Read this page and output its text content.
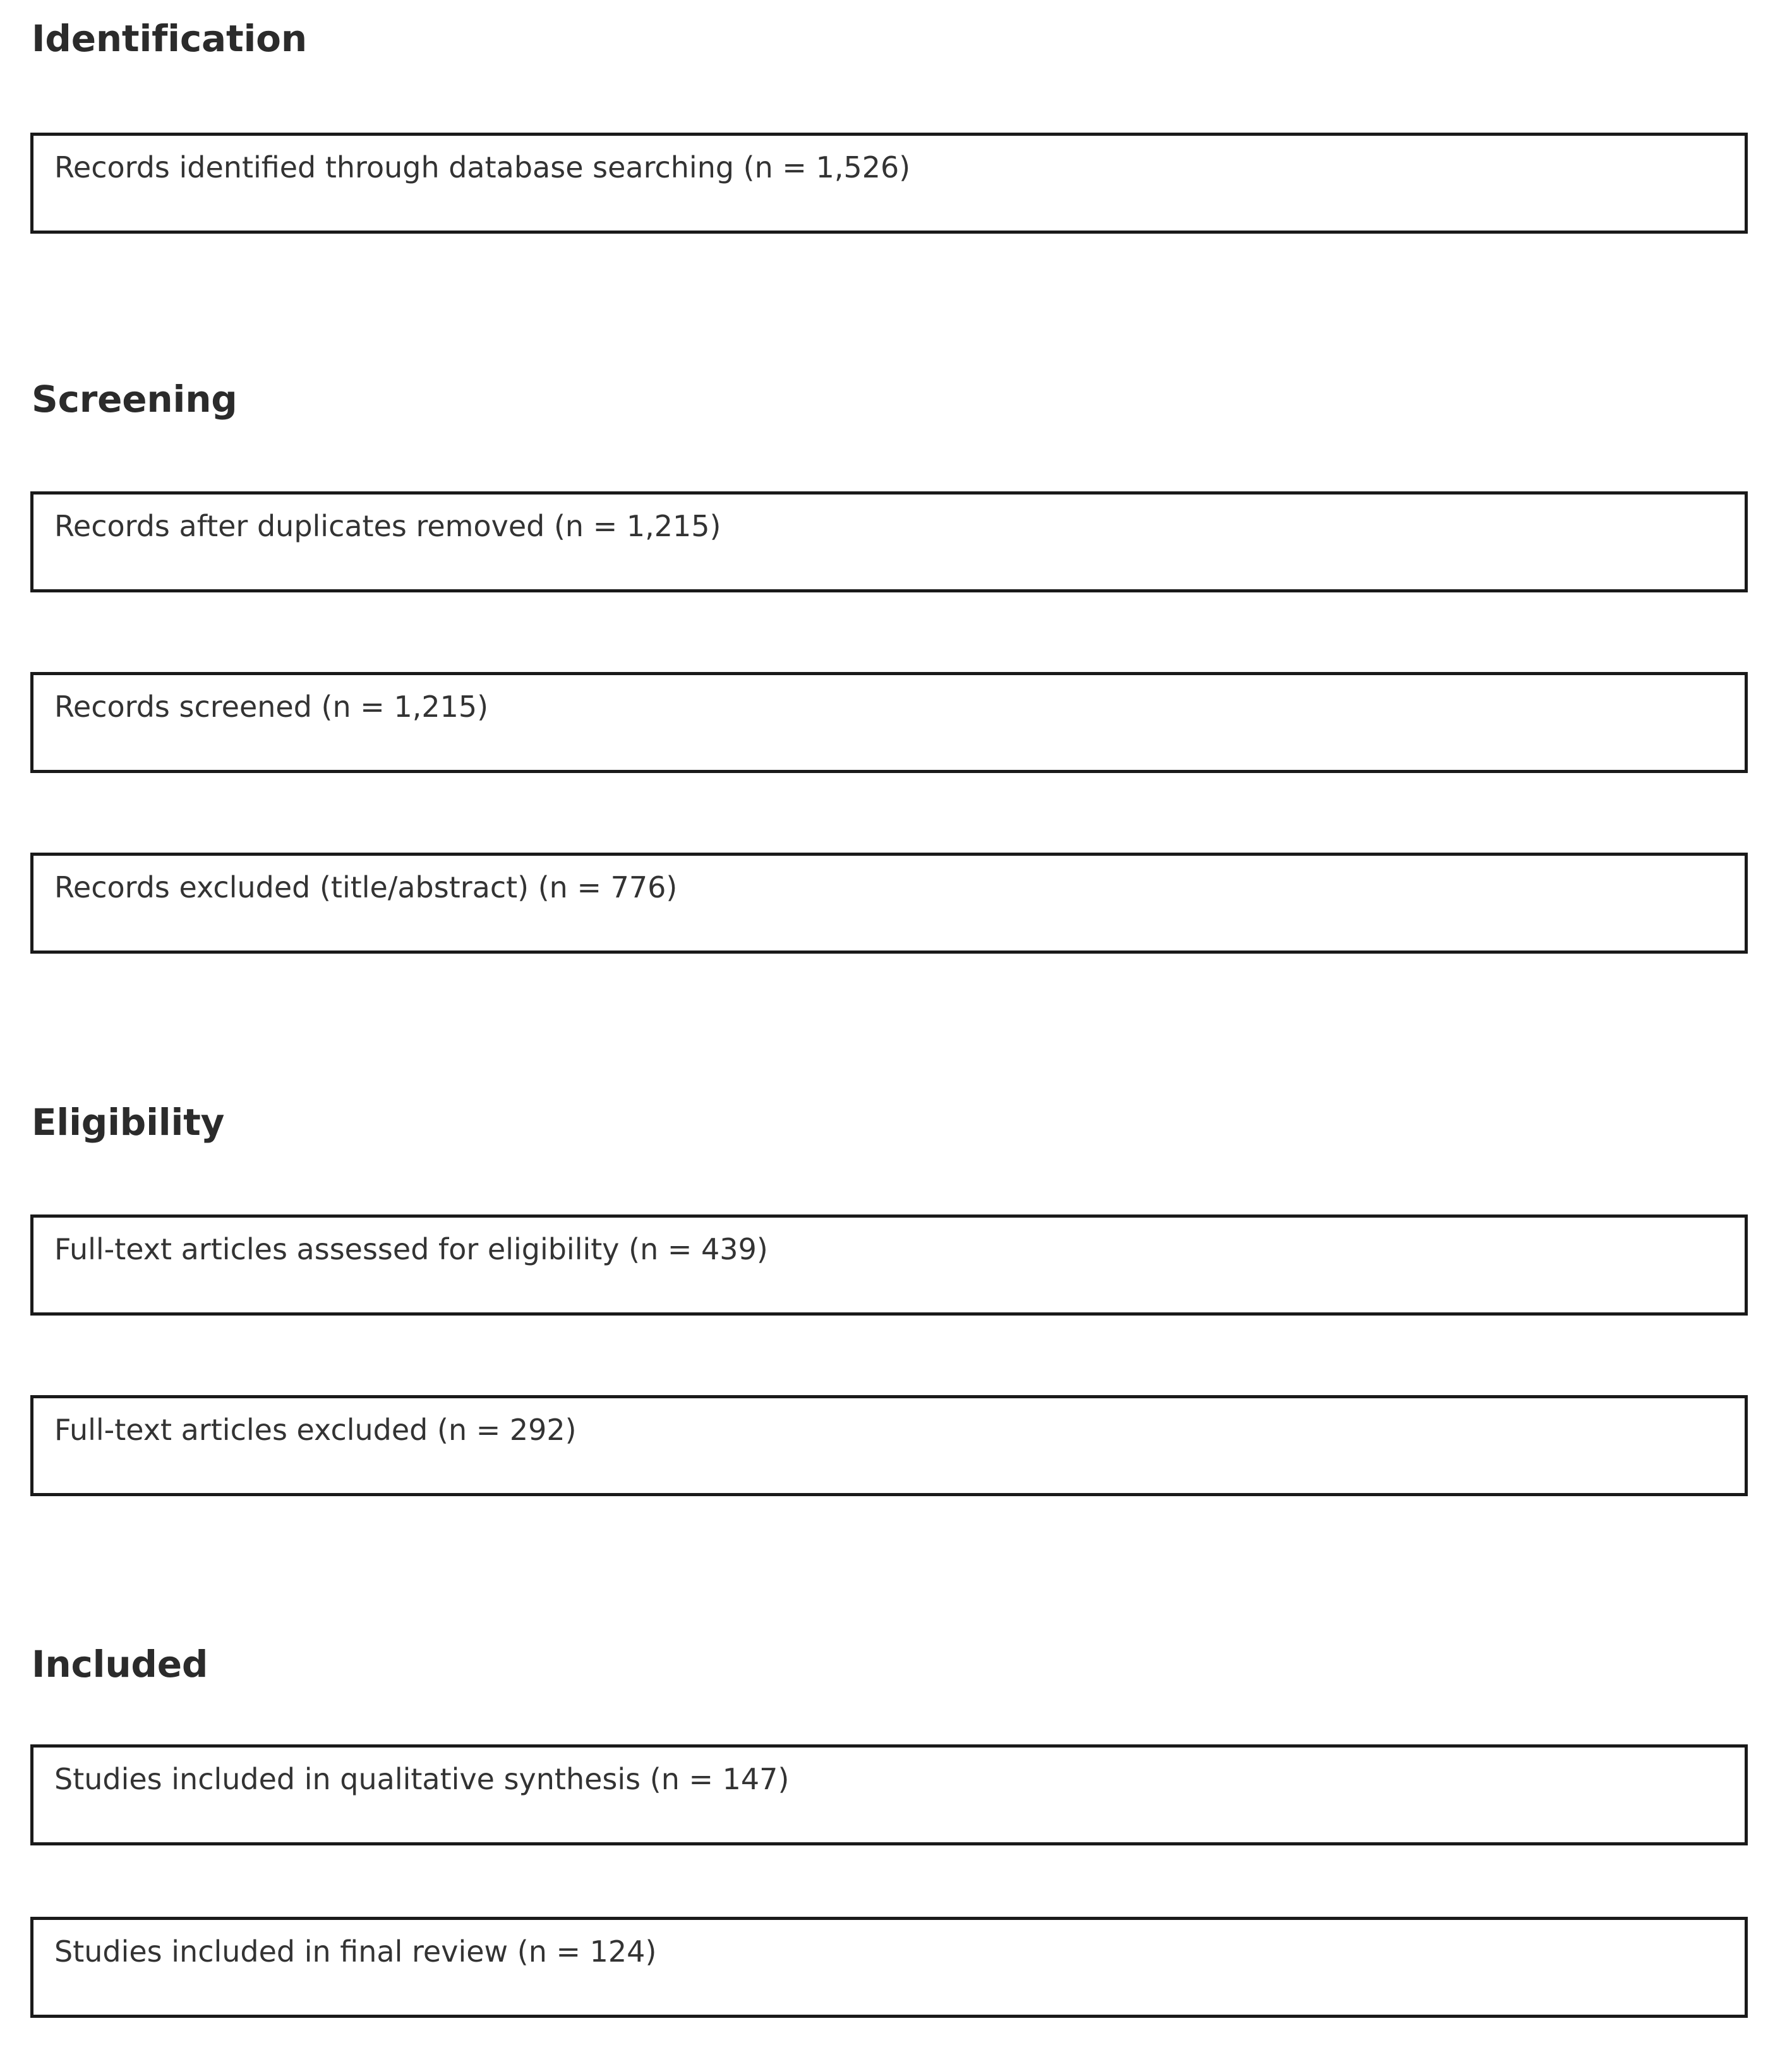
Identification
Records identified through database searching (n = 1,526)
Screening
Records after duplicates removed (n = 1,215)
Records screened (n = 1,215)
Records excluded (title/abstract) (n = 776)
Eligibility
Full-text articles assessed for eligibility (n = 439)
Full-text articles excluded (n = 292)
Included
Studies included in qualitative synthesis (n = 147)
Studies included in final review (n = 124)
